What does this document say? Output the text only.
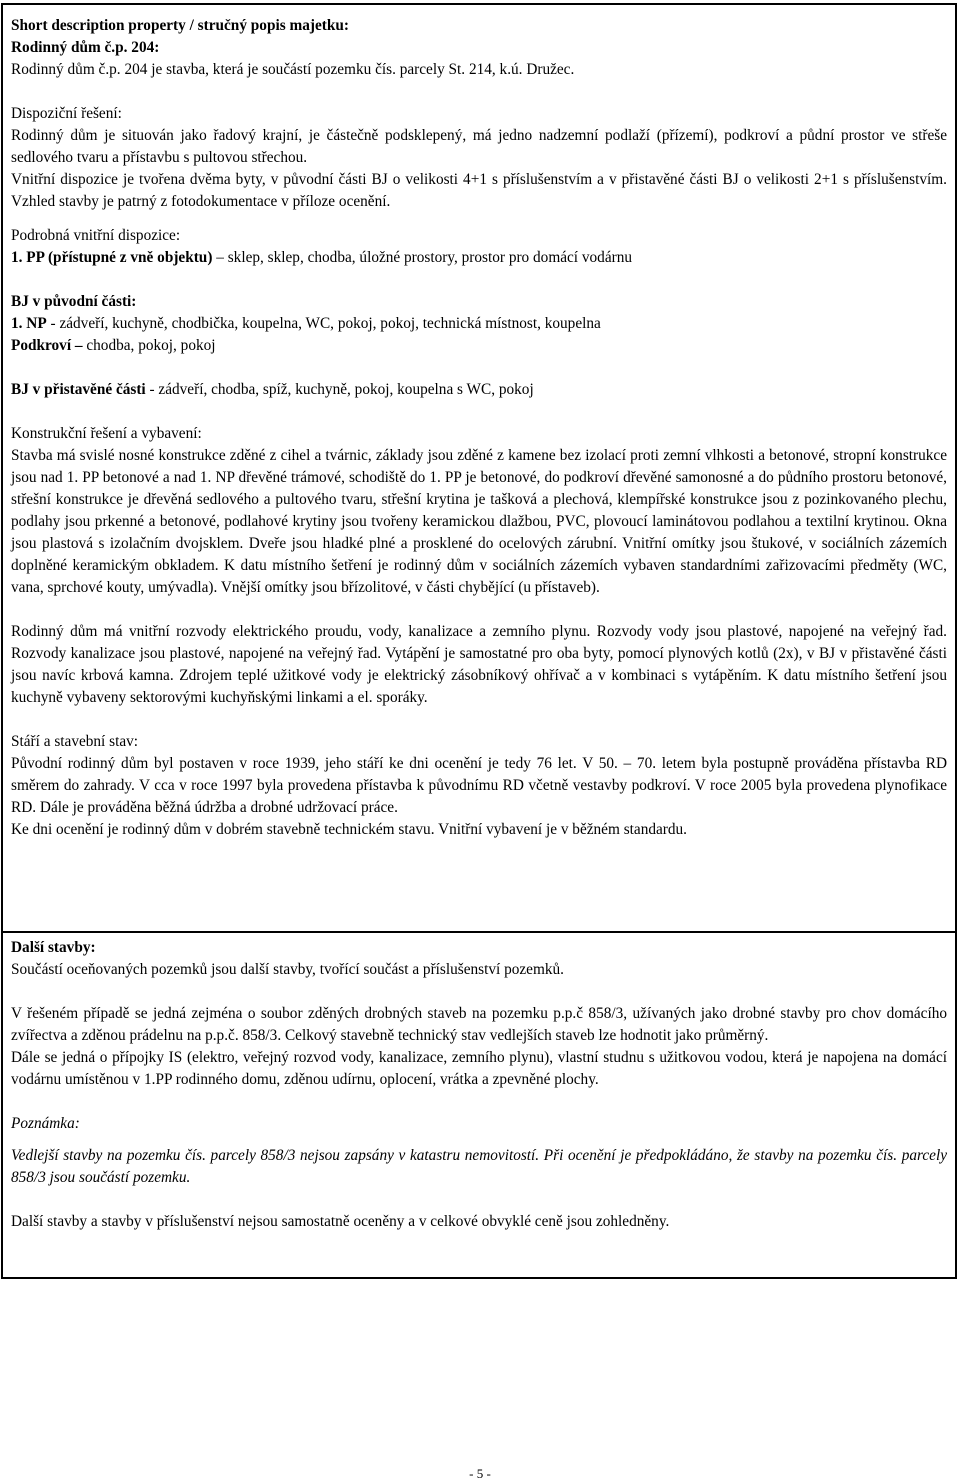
Short description property / stručný popis majetku:

Rodinný dům č.p. 204:

Rodinný dům č.p. 204 je stavba, která je součástí pozemku čís. parcely St. 214, k.ú. Družec.

Dispoziční řešení:

Rodinný dům je situován jako řadový krajní, je částečně podsklepený, má jedno nadzemní podlaží (přízemí), podkroví a půdní prostor ve střeše sedlového tvaru a přístavbu s pultovou střechou.

Vnitřní dispozice je tvořena dvěma byty, v původní části BJ o velikosti 4+1 s příslušenstvím a v přistavěné části BJ o velikosti 2+1 s příslušenstvím. Vzhled stavby je patrný z fotodokumentace v příloze ocenění.

Podrobná vnitřní dispozice:

1. PP (přístupné z vně objektu) – sklep, sklep, chodba, úložné prostory, prostor pro domácí vodárnu

BJ v původní části:

1. NP - zádveří, kuchyně, chodbička, koupelna, WC, pokoj, pokoj, technická místnost, koupelna

Podkroví – chodba, pokoj, pokoj

BJ v přistavěné části - zádveří, chodba, spíž, kuchyně, pokoj, koupelna s WC, pokoj

Konstrukční řešení a vybavení:

Stavba má svislé nosné konstrukce zděné z cihel a tvárnic, základy jsou zděné z kamene bez izolací proti zemní vlhkosti a betonové, stropní konstrukce jsou nad 1. PP betonové a nad 1. NP dřevěné trámové, schodiště do 1. PP je betonové, do podkroví dřevěné samonosné a do půdního prostoru betonové, střešní konstrukce je dřevěná sedlového a pultového tvaru, střešní krytina je tašková a plechová, klempířské konstrukce jsou z pozinkovaného plechu, podlahy jsou prkenné a betonové, podlahové krytiny jsou tvořeny keramickou dlažbou, PVC, plovoucí laminátovou podlahou a textilní krytinou. Okna jsou plastová s izolačním dvojsklem. Dveře jsou hladké plné a prosklené do ocelových zárubní. Vnitřní omítky jsou štukové, v sociálních zázemích doplněné keramickým obkladem. K datu místního šetření je rodinný dům v sociálních zázemích vybaven standardními zařizovacími předměty (WC, vana, sprchové kouty, umývadla). Vnější omítky jsou břízolitové, v části chybějící (u přístaveb).

Rodinný dům má vnitřní rozvody elektrického proudu, vody, kanalizace a zemního plynu. Rozvody vody jsou plastové, napojené na veřejný řad. Rozvody kanalizace jsou plastové, napojené na veřejný řad. Vytápění je samostatné pro oba byty, pomocí plynových kotlů (2x), v BJ v přistavěné části jsou navíc krbová kamna. Zdrojem teplé užitkové vody je elektrický zásobníkový ohřívač a v kombinaci s vytápěním. K datu místního šetření jsou kuchyně vybaveny sektorovými kuchyňskými linkami a el. sporáky.

Stáří a stavební stav:

Původní rodinný dům byl postaven v roce 1939, jeho stáří ke dni ocenění je tedy 76 let. V 50. – 70. letem byla postupně prováděna přístavba RD směrem do zahrady. V cca v roce 1997 byla provedena přístavba k původnímu RD včetně vestavby podkroví. V roce 2005 byla provedena plynofikace RD. Dále je prováděna běžná údržba a drobné udržovací práce.

Ke dni ocenění je rodinný dům v dobrém stavebně technickém stavu. Vnitřní vybavení je v běžném standardu.

Další stavby:

Součástí oceňovaných pozemků jsou další stavby, tvořící součást a příslušenství pozemků.

V řešeném případě se jedná zejména o soubor zděných drobných staveb na pozemku p.p.č 858/3, užívaných jako drobné stavby pro chov domácího zvířectva a zděnou prádelnu na p.p.č. 858/3. Celkový stavebně technický stav vedlejších staveb lze hodnotit jako průměrný.

Dále se jedná o přípojky IS (elektro, veřejný rozvod vody, kanalizace, zemního plynu), vlastní studnu s užitkovou vodou, která je napojena na domácí vodárnu umístěnou v 1.PP rodinného domu, zděnou udírnu, oplocení, vrátka a zpevněné plochy.

Poznámka:

Vedlejší stavby na pozemku čís. parcely 858/3 nejsou zapsány v katastru nemovitostí. Při ocenění je předpokládáno, že stavby na pozemku čís. parcely 858/3 jsou součástí pozemku.

Další stavby a stavby v příslušenství nejsou samostatně oceněny a v celkové obvyklé ceně jsou zohledněny.

- 5 -
